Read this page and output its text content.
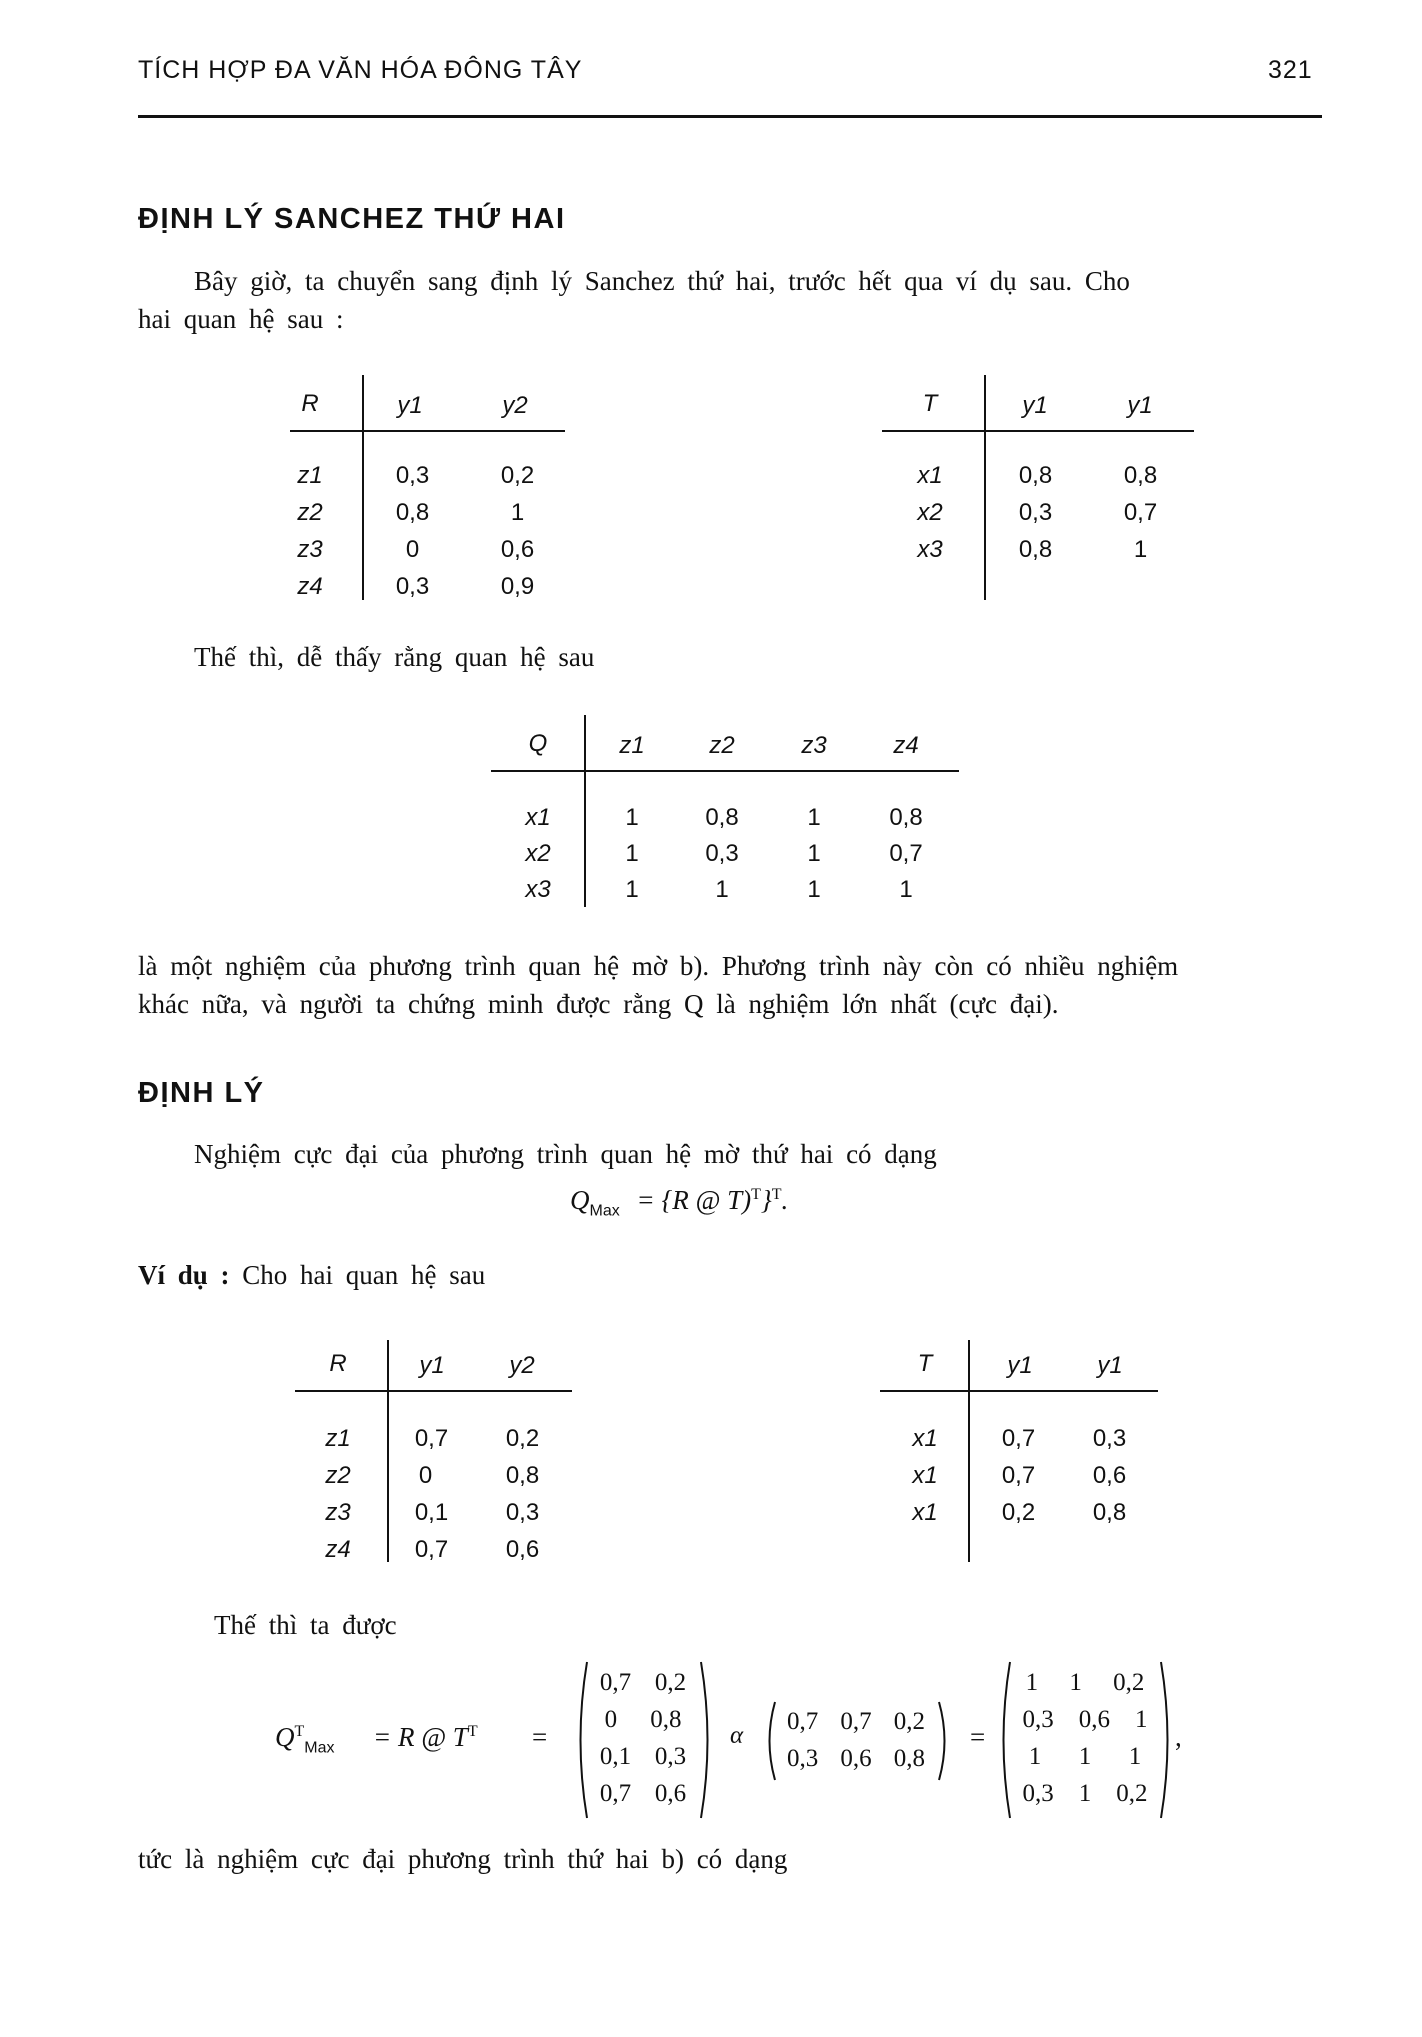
TÍCH HỢP ĐA VĂN HÓA ĐÔNG TÂY	321
ĐỊNH LÝ SANCHEZ THỨ HAI
Bây giờ, ta chuyển sang định lý Sanchez thứ hai, trước hết qua ví dụ sau. Cho
hai quan hệ sau :
R	y1	y2
z1	0,3	0,2
z2	0,8	1
z3	0	0,6
z4	0,3	0,9
T	y1	y1
x1	0,8	0,8
x2	0,3	0,7
x3	0,8	1
Thế thì, dễ thấy rằng quan hệ sau
Q	z1	z2	z3	z4
x1	1	0,8	1	0,8
x2	1	0,3	1	0,7
x3	1	1	1	1
là một nghiệm của phương trình quan hệ mờ b). Phương trình này còn có nhiều nghiệm
khác nữa, và người ta chứng minh được rằng Q là nghiệm lớn nhất (cực đại).
ĐỊNH LÝ
Nghiệm cực đại của phương trình quan hệ mờ thứ hai có dạng
$Q_{Max} = \{R$ @ T)$^T$}$^T$.
Ví dụ : Cho hai quan hệ sau
R	y1	y2
z1	0,7	0,2
z2	0	0,8
z3	0,1	0,3
z4	0,7	0,6
T	y1	y1
x1	0,7	0,3
x1	0,7	0,6
x1	0,2	0,8
Thế thì ta được
$Q^T_{Max} = R$ @ $T^T$ =
0,7 0,2
0 0,8
0,1 0,3
0,7 0,6
α
0,7 0,7 0,2
0,3 0,6 0,8
=
1 1 0,2
0,3 0,6 1
1 1 1
0,3 1 0,2
,
tức là nghiệm cực đại phương trình thứ hai b) có dạng
